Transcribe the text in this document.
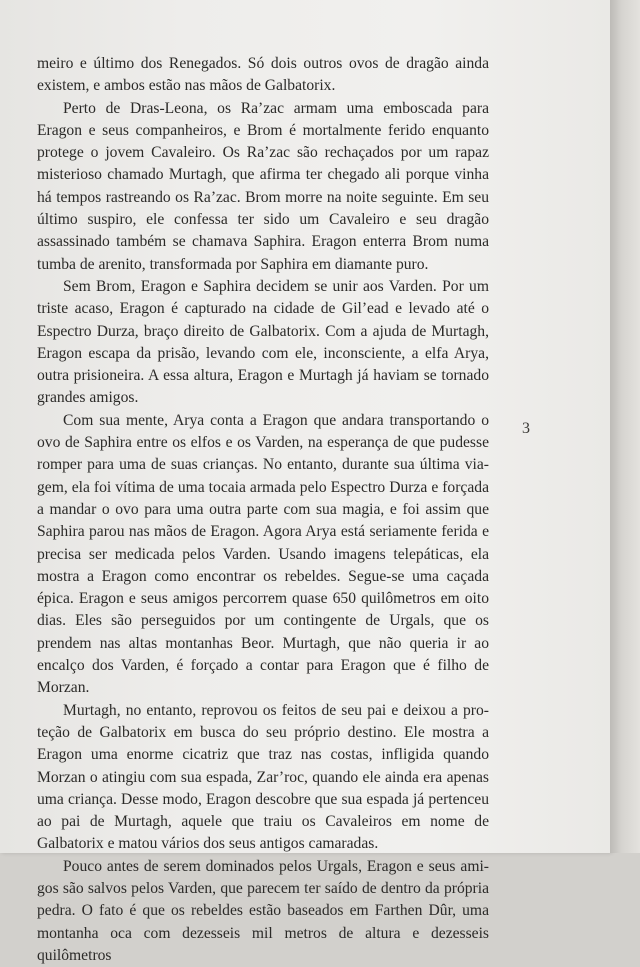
meiro e último dos Renegados. Só dois outros ovos de dragão ainda existem, e ambos estão nas mãos de Galbatorix.

Perto de Dras-Leona, os Ra’zac armam uma emboscada para Eragon e seus companheiros, e Brom é mortalmente ferido enquanto protege o jovem Cavaleiro. Os Ra’zac são rechaçados por um rapaz misterioso chamado Murtagh, que afirma ter chegado ali porque vinha há tempos rastreando os Ra’zac. Brom morre na noite seguinte. Em seu último suspiro, ele confessa ter sido um Cavaleiro e seu dragão assassinado também se chamava Saphira. Eragon enterra Brom numa tumba de arenito, transformada por Saphira em diamante puro.

Sem Brom, Eragon e Saphira decidem se unir aos Varden. Por um triste acaso, Eragon é capturado na cidade de Gil’ead e levado até o Espectro Durza, braço direito de Galbatorix. Com a ajuda de Murtagh, Eragon escapa da prisão, levando com ele, inconsciente, a elfa Arya, outra prisioneira. A essa altura, Eragon e Murtagh já haviam se tornado grandes amigos.

Com sua mente, Arya conta a Eragon que andara transportando o ovo de Saphira entre os elfos e os Varden, na esperança de que pudesse romper para uma de suas crianças. No entanto, durante sua última viagem, ela foi vítima de uma tocaia armada pelo Espectro Durza e forçada a mandar o ovo para uma outra parte com sua magia, e foi assim que Saphira parou nas mãos de Eragon. Agora Arya está seriamente ferida e precisa ser medicada pelos Varden. Usando imagens telepáticas, ela mostra a Eragon como encontrar os rebeldes. Segue-se uma caçada épica. Eragon e seus amigos percorrem quase 650 quilômetros em oito dias. Eles são perseguidos por um contingente de Urgals, que os prendem nas altas montanhas Beor. Murtagh, que não queria ir ao encalço dos Varden, é forçado a contar para Eragon que é filho de Morzan.

Murtagh, no entanto, reprovou os feitos de seu pai e deixou a proteção de Galbatorix em busca do seu próprio destino. Ele mostra a Eragon uma enorme cicatriz que traz nas costas, infligida quando Morzan o atingiu com sua espada, Zar’roc, quando ele ainda era apenas uma criança. Desse modo, Eragon descobre que sua espada já pertenceu ao pai de Murtagh, aquele que traiu os Cavaleiros em nome de Galbatorix e matou vários dos seus antigos camaradas.

Pouco antes de serem dominados pelos Urgals, Eragon e seus amigos são salvos pelos Varden, que parecem ter saído de dentro da própria pedra. O fato é que os rebeldes estão baseados em Farthen Dûr, uma montanha oca com dezesseis mil metros de altura e dezesseis quilômetros

3
